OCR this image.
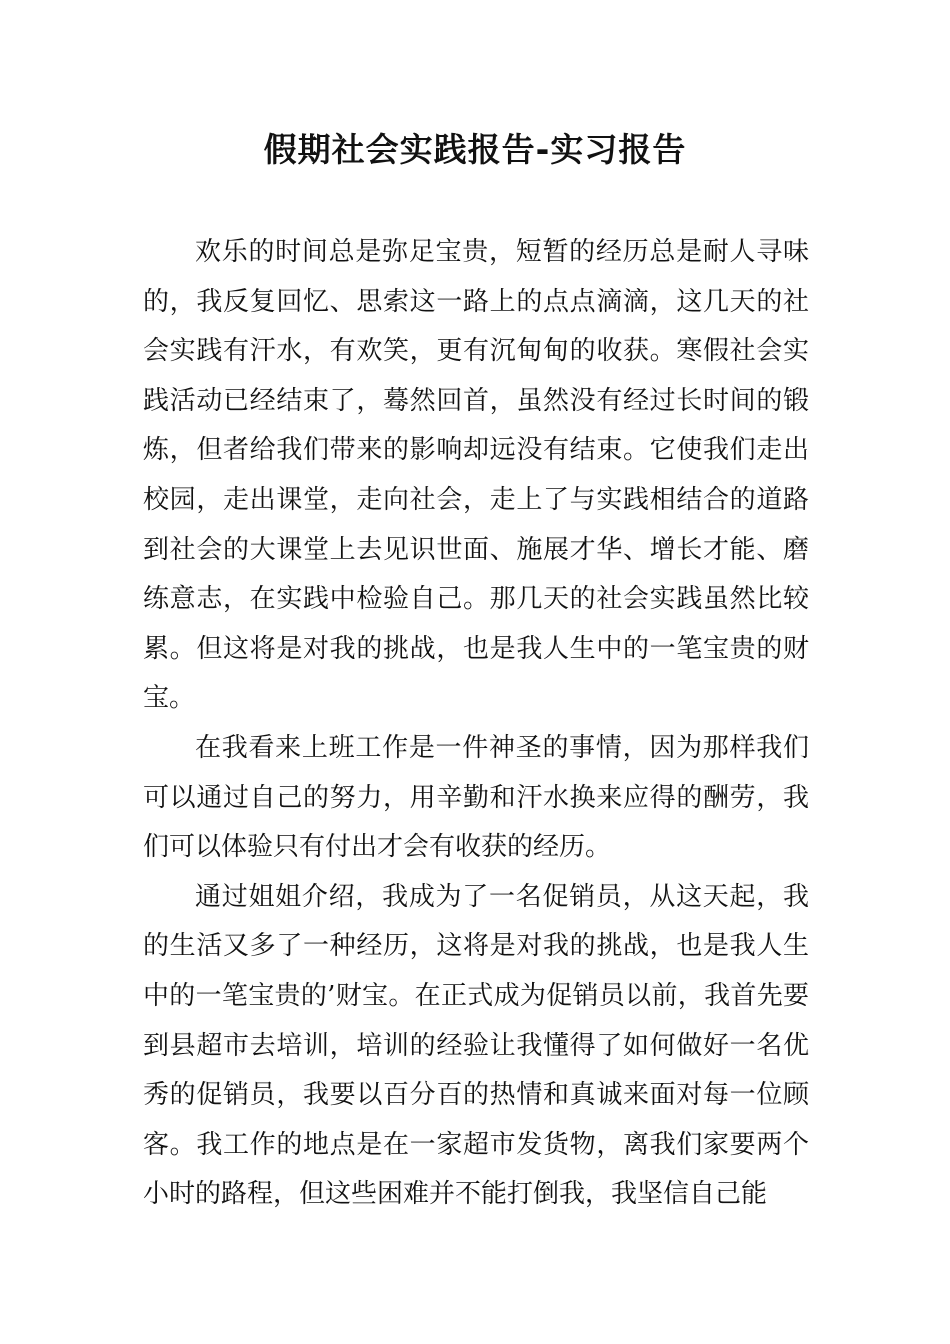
假期社会实践报告-实习报告

欢乐的时间总是弥足宝贵，短暂的经历总是耐人寻味的，我反复回忆、思索这一路上的点点滴滴，这几天的社会实践有汗水，有欢笑，更有沉甸甸的收获。寒假社会实践活动已经结束了，蓦然回首，虽然没有经过长时间的锻炼，但者给我们带来的影响却远没有结束。它使我们走出校园，走出课堂，走向社会，走上了与实践相结合的道路到社会的大课堂上去见识世面、施展才华、增长才能、磨练意志，在实践中检验自己。那几天的社会实践虽然比较累。但这将是对我的挑战，也是我人生中的一笔宝贵的财宝。

在我看来上班工作是一件神圣的事情，因为那样我们可以通过自己的努力，用辛勤和汗水换来应得的酬劳，我们可以体验只有付出才会有收获的经历。

通过姐姐介绍，我成为了一名促销员，从这天起，我的生活又多了一种经历，这将是对我的挑战，也是我人生中的一笔宝贵的’财宝。在正式成为促销员以前，我首先要到县超市去培训，培训的经验让我懂得了如何做好一名优秀的促销员，我要以百分百的热情和真诚来面对每一位顾客。我工作的地点是在一家超市发货物，离我们家要两个小时的路程，但这些困难并不能打倒我，我坚信自己能
